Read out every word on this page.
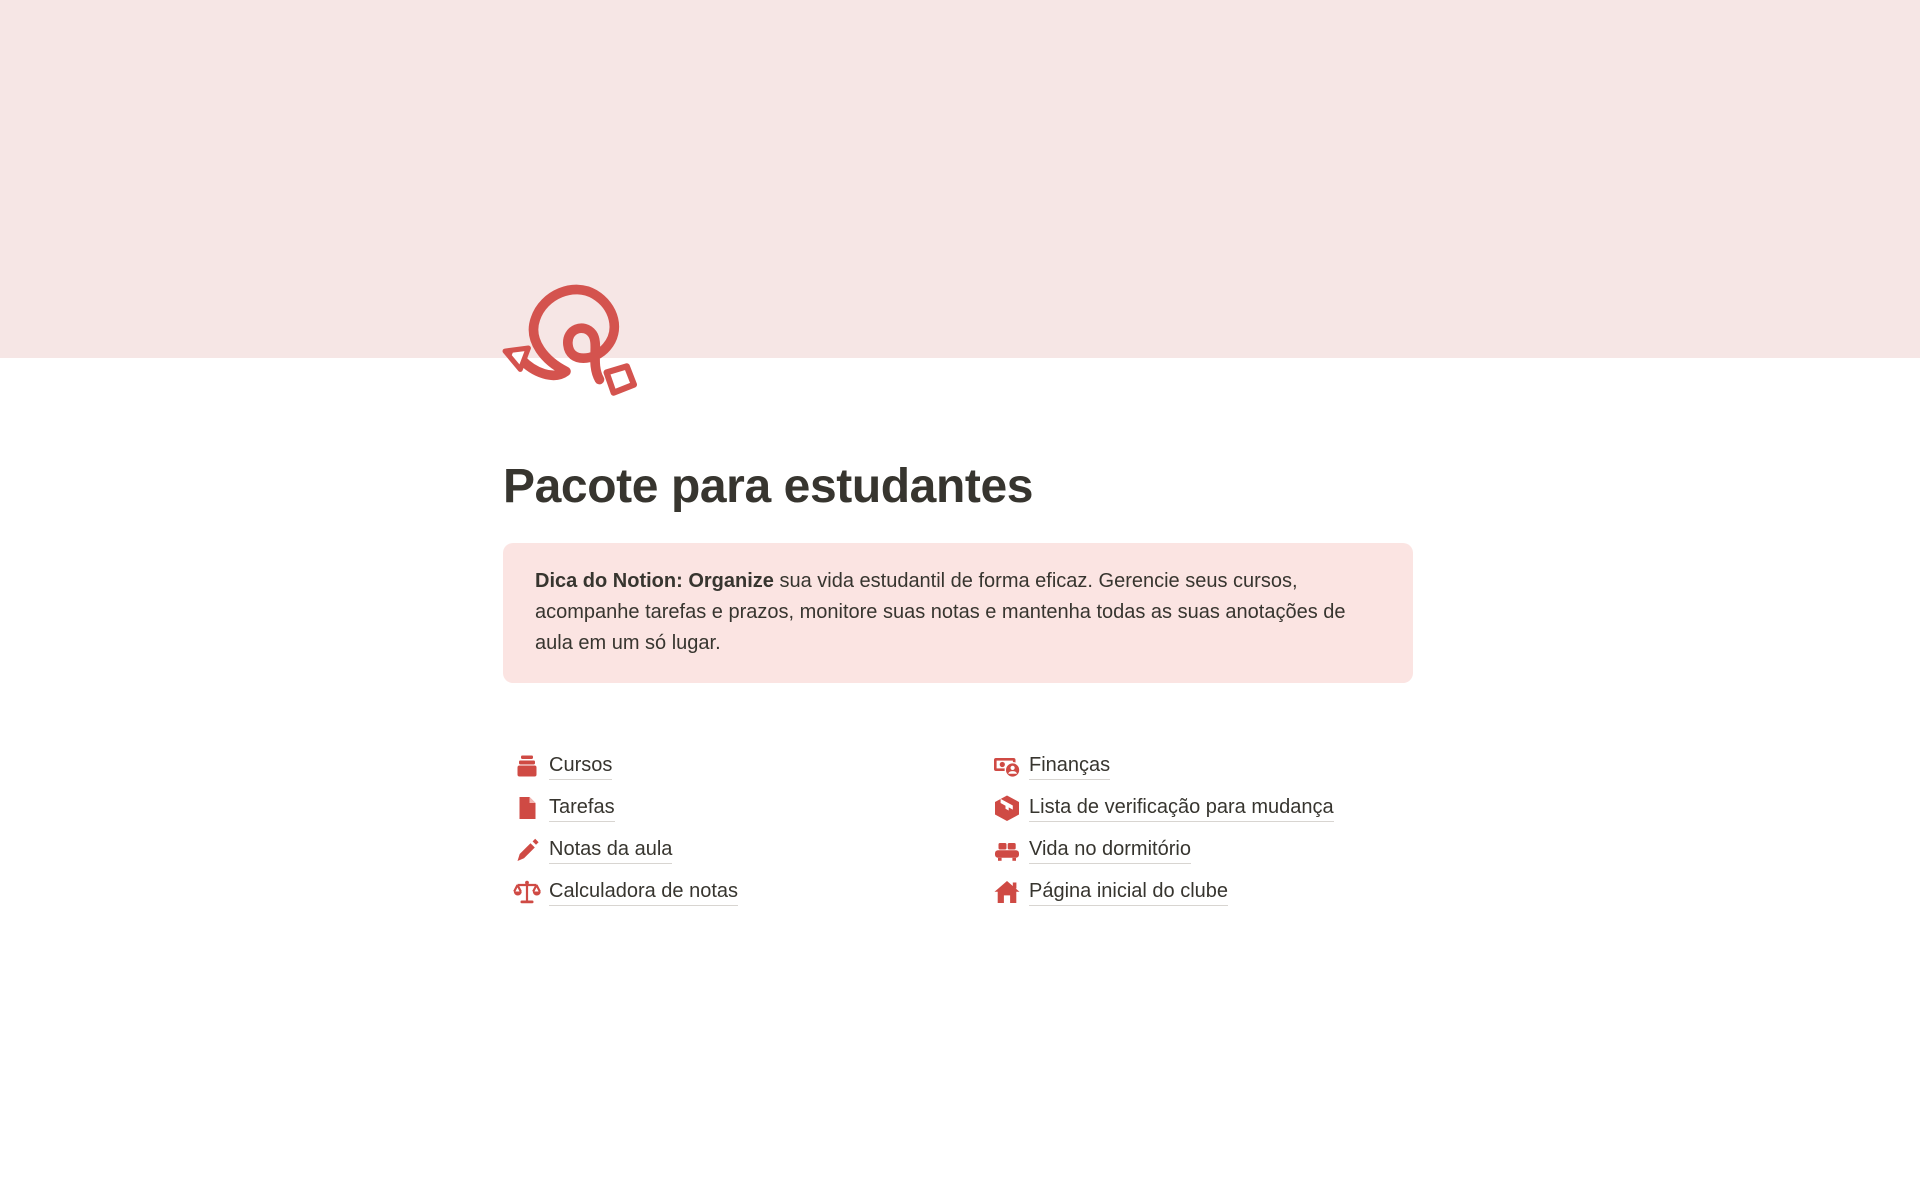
Pacote para estudantes
Dica do Notion: Organize sua vida estudantil de forma eficaz. Gerencie seus cursos, acompanhe tarefas e prazos, monitore suas notas e mantenha todas as suas anotações de aula em um só lugar.
Cursos
Tarefas
Notas da aula
Calculadora de notas
Finanças
Lista de verificação para mudança
Vida no dormitório
Página inicial do clube
